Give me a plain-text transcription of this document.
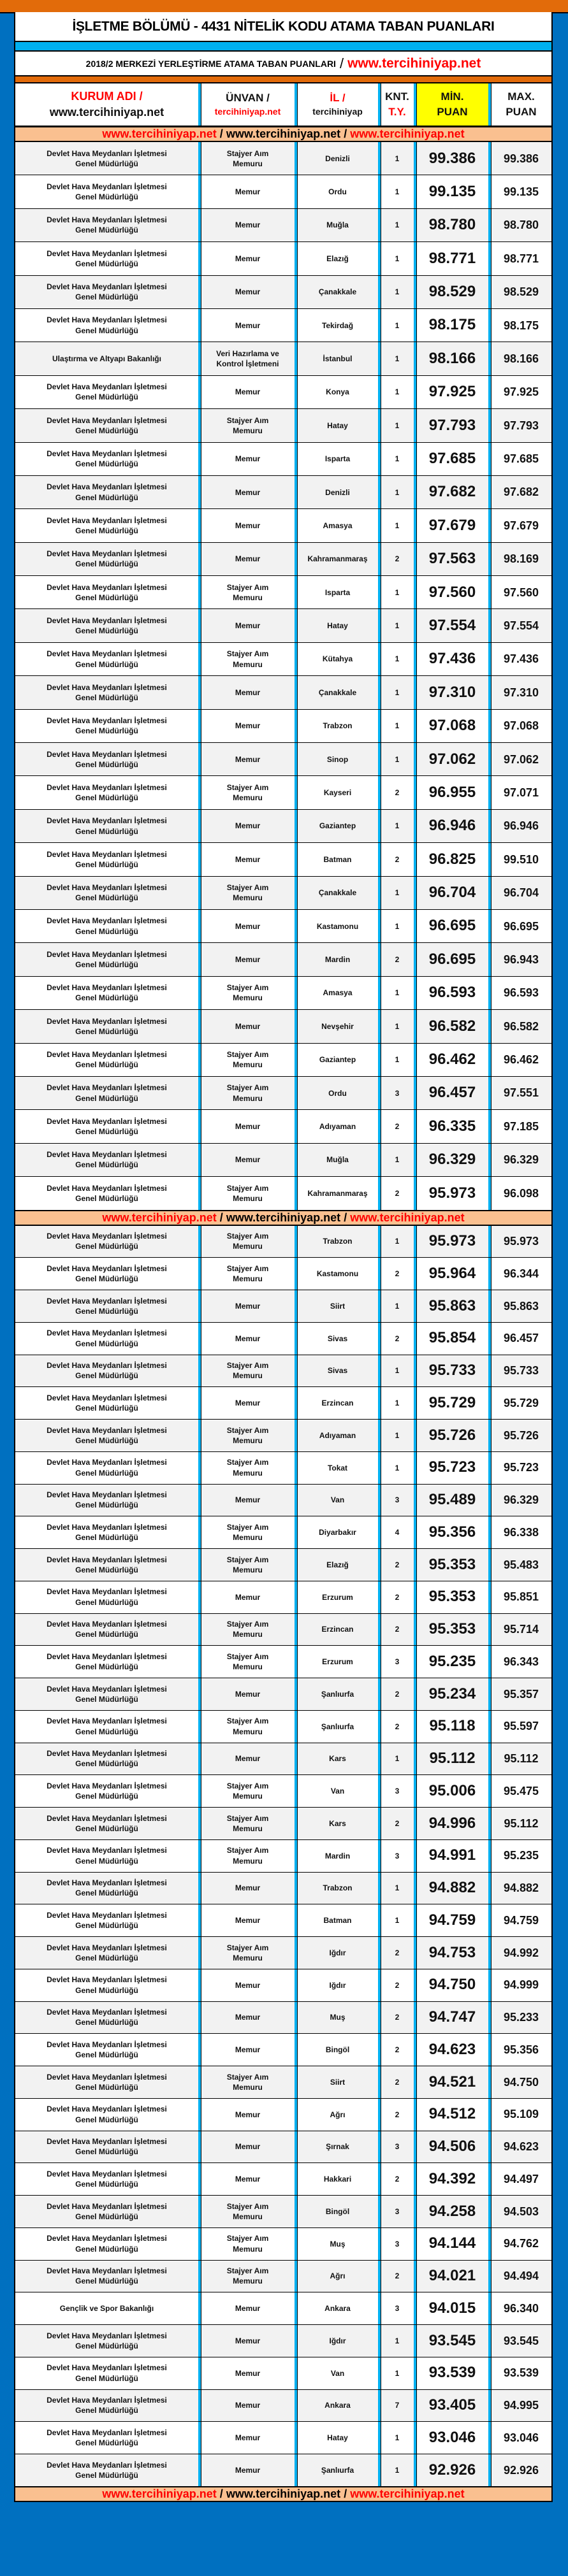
İŞLETME BÖLÜMÜ - 4431 NİTELİK KODU ATAMA TABAN PUANLARI
2018/2 MERKEZİ YERLEŞTİRME ATAMA TABAN PUANLARI / www.tercihiniyap.net
KURUM ADI /
www.tercihiniyap.net
ÜNVAN /
tercihiniyap.net
İL /
tercihiniyap
KNT.
T.Y.
MİN.
PUAN
MAX.
PUAN
www.tercihiniyap.net / www.tercihiniyap.net / www.tercihiniyap.net
Devlet Hava Meydanları İşletmesi
Genel Müdürlüğü
Stajyer Aım
Memuru
Denizli	1 99.386 99.386
Devlet Hava Meydanları İşletmesi
Genel Müdürlüğü
Memur	Ordu	1 99.135 99.135
Devlet Hava Meydanları İşletmesi
Genel Müdürlüğü
Memur	Muğla	1 98.780 98.780
Devlet Hava Meydanları İşletmesi
Genel Müdürlüğü
Memur	Elazığ	1 98.771 98.771
Devlet Hava Meydanları İşletmesi
Genel Müdürlüğü
Memur	Çanakkale	1 98.529 98.529
Devlet Hava Meydanları İşletmesi
Genel Müdürlüğü
Memur	Tekirdağ	1 98.175 98.175
Ulaştırma ve Altyapı Bakanlığı
Veri Hazırlama ve
Kontrol İşletmeni
İstanbul	1 98.166 98.166
Devlet Hava Meydanları İşletmesi
Genel Müdürlüğü
Memur	Konya	1 97.925 97.925
Devlet Hava Meydanları İşletmesi
Genel Müdürlüğü
Stajyer Aım
Memuru
Hatay	1 97.793 97.793
Devlet Hava Meydanları İşletmesi
Genel Müdürlüğü
Memur	Isparta	1 97.685 97.685
Devlet Hava Meydanları İşletmesi
Genel Müdürlüğü
Memur	Denizli	1 97.682 97.682
Devlet Hava Meydanları İşletmesi
Genel Müdürlüğü
Memur	Amasya	1 97.679 97.679
Devlet Hava Meydanları İşletmesi
Genel Müdürlüğü
Memur	Kahramanmaraş	2 97.563 98.169
Devlet Hava Meydanları İşletmesi
Genel Müdürlüğü
Stajyer Aım
Memuru
Isparta	1 97.560 97.560
Devlet Hava Meydanları İşletmesi
Genel Müdürlüğü
Memur	Hatay	1 97.554 97.554
Devlet Hava Meydanları İşletmesi
Genel Müdürlüğü
Stajyer Aım
Memuru
Kütahya	1 97.436 97.436
Devlet Hava Meydanları İşletmesi
Genel Müdürlüğü
Memur	Çanakkale	1 97.310 97.310
Devlet Hava Meydanları İşletmesi
Genel Müdürlüğü
Memur	Trabzon	1 97.068 97.068
Devlet Hava Meydanları İşletmesi
Genel Müdürlüğü
Memur	Sinop	1 97.062 97.062
Devlet Hava Meydanları İşletmesi
Genel Müdürlüğü
Stajyer Aım
Memuru
Kayseri	2 96.955 97.071
Devlet Hava Meydanları İşletmesi
Genel Müdürlüğü
Memur	Gaziantep	1 96.946 96.946
Devlet Hava Meydanları İşletmesi
Genel Müdürlüğü
Memur	Batman	2 96.825 99.510
Devlet Hava Meydanları İşletmesi
Genel Müdürlüğü
Stajyer Aım
Memuru
Çanakkale	1 96.704 96.704
Devlet Hava Meydanları İşletmesi
Genel Müdürlüğü
Memur	Kastamonu	1 96.695 96.695
Devlet Hava Meydanları İşletmesi
Genel Müdürlüğü
Memur	Mardin	2 96.695 96.943
Devlet Hava Meydanları İşletmesi
Genel Müdürlüğü
Stajyer Aım
Memuru
Amasya	1 96.593 96.593
Devlet Hava Meydanları İşletmesi
Genel Müdürlüğü
Memur	Nevşehir	1 96.582 96.582
Devlet Hava Meydanları İşletmesi
Genel Müdürlüğü
Stajyer Aım
Memuru
Gaziantep	1 96.462 96.462
Devlet Hava Meydanları İşletmesi
Genel Müdürlüğü
Stajyer Aım
Memuru
Ordu	3 96.457 97.551
Devlet Hava Meydanları İşletmesi
Genel Müdürlüğü
Memur	Adıyaman	2 96.335 97.185
Devlet Hava Meydanları İşletmesi
Genel Müdürlüğü
Memur	Muğla	1 96.329 96.329
Devlet Hava Meydanları İşletmesi
Genel Müdürlüğü
Stajyer Aım
Memuru
Kahramanmaraş	2 95.973 96.098
www.tercihiniyap.net / www.tercihiniyap.net / www.tercihiniyap.net
Devlet Hava Meydanları İşletmesi
Genel Müdürlüğü
Stajyer Aım
Memuru
Trabzon	1 95.973 95.973
Devlet Hava Meydanları İşletmesi
Genel Müdürlüğü
Stajyer Aım
Memuru
Kastamonu	2 95.964 96.344
Devlet Hava Meydanları İşletmesi
Genel Müdürlüğü
Memur	Siirt	1 95.863 95.863
Devlet Hava Meydanları İşletmesi
Genel Müdürlüğü
Memur	Sivas	2 95.854 96.457
Devlet Hava Meydanları İşletmesi
Genel Müdürlüğü
Stajyer Aım
Memuru
Sivas	1 95.733 95.733
Devlet Hava Meydanları İşletmesi
Genel Müdürlüğü
Memur	Erzincan	1 95.729 95.729
Devlet Hava Meydanları İşletmesi
Genel Müdürlüğü
Stajyer Aım
Memuru
Adıyaman	1 95.726 95.726
Devlet Hava Meydanları İşletmesi
Genel Müdürlüğü
Stajyer Aım
Memuru
Tokat	1 95.723 95.723
Devlet Hava Meydanları İşletmesi
Genel Müdürlüğü
Memur	Van	3 95.489 96.329
Devlet Hava Meydanları İşletmesi
Genel Müdürlüğü
Stajyer Aım
Memuru
Diyarbakır	4 95.356 96.338
Devlet Hava Meydanları İşletmesi
Genel Müdürlüğü
Stajyer Aım
Memuru
Elazığ	2 95.353 95.483
Devlet Hava Meydanları İşletmesi
Genel Müdürlüğü
Memur	Erzurum	2 95.353 95.851
Devlet Hava Meydanları İşletmesi
Genel Müdürlüğü
Stajyer Aım
Memuru
Erzincan	2 95.353 95.714
Devlet Hava Meydanları İşletmesi
Genel Müdürlüğü
Stajyer Aım
Memuru
Erzurum	3 95.235 96.343
Devlet Hava Meydanları İşletmesi
Genel Müdürlüğü
Memur	Şanlıurfa	2 95.234 95.357
Devlet Hava Meydanları İşletmesi
Genel Müdürlüğü
Stajyer Aım
Memuru
Şanlıurfa	2 95.118 95.597
Devlet Hava Meydanları İşletmesi
Genel Müdürlüğü
Memur	Kars	1 95.112 95.112
Devlet Hava Meydanları İşletmesi
Genel Müdürlüğü
Stajyer Aım
Memuru
Van	3 95.006 95.475
Devlet Hava Meydanları İşletmesi
Genel Müdürlüğü
Stajyer Aım
Memuru
Kars	2 94.996 95.112
Devlet Hava Meydanları İşletmesi
Genel Müdürlüğü
Stajyer Aım
Memuru
Mardin	3 94.991 95.235
Devlet Hava Meydanları İşletmesi
Genel Müdürlüğü
Memur	Trabzon	1 94.882 94.882
Devlet Hava Meydanları İşletmesi
Genel Müdürlüğü
Memur	Batman	1 94.759 94.759
Devlet Hava Meydanları İşletmesi
Genel Müdürlüğü
Stajyer Aım
Memuru
Iğdır	2 94.753 94.992
Devlet Hava Meydanları İşletmesi
Genel Müdürlüğü
Memur	Iğdır	2 94.750 94.999
Devlet Hava Meydanları İşletmesi
Genel Müdürlüğü
Memur	Muş	2 94.747 95.233
Devlet Hava Meydanları İşletmesi
Genel Müdürlüğü
Memur	Bingöl	2 94.623 95.356
Devlet Hava Meydanları İşletmesi
Genel Müdürlüğü
Stajyer Aım
Memuru
Siirt	2 94.521 94.750
Devlet Hava Meydanları İşletmesi
Genel Müdürlüğü
Memur	Ağrı	2 94.512 95.109
Devlet Hava Meydanları İşletmesi
Genel Müdürlüğü
Memur	Şırnak	3 94.506 94.623
Devlet Hava Meydanları İşletmesi
Genel Müdürlüğü
Memur	Hakkari	2 94.392 94.497
Devlet Hava Meydanları İşletmesi
Genel Müdürlüğü
Stajyer Aım
Memuru
Bingöl	3 94.258 94.503
Devlet Hava Meydanları İşletmesi
Genel Müdürlüğü
Stajyer Aım
Memuru
Muş	3 94.144 94.762
Devlet Hava Meydanları İşletmesi
Genel Müdürlüğü
Stajyer Aım
Memuru
Ağrı	2 94.021 94.494
Gençlik ve Spor Bakanlığı	Memur	Ankara	3 94.015 96.340
Devlet Hava Meydanları İşletmesi
Genel Müdürlüğü
Memur	Iğdır	1 93.545 93.545
Devlet Hava Meydanları İşletmesi
Genel Müdürlüğü
Memur	Van	1 93.539 93.539
Devlet Hava Meydanları İşletmesi
Genel Müdürlüğü
Memur	Ankara	7 93.405 94.995
Devlet Hava Meydanları İşletmesi
Genel Müdürlüğü
Memur	Hatay	1 93.046 93.046
Devlet Hava Meydanları İşletmesi
Genel Müdürlüğü
Memur	Şanlıurfa	1 92.926 92.926
www.tercihiniyap.net / www.tercihiniyap.net / www.tercihiniyap.net
